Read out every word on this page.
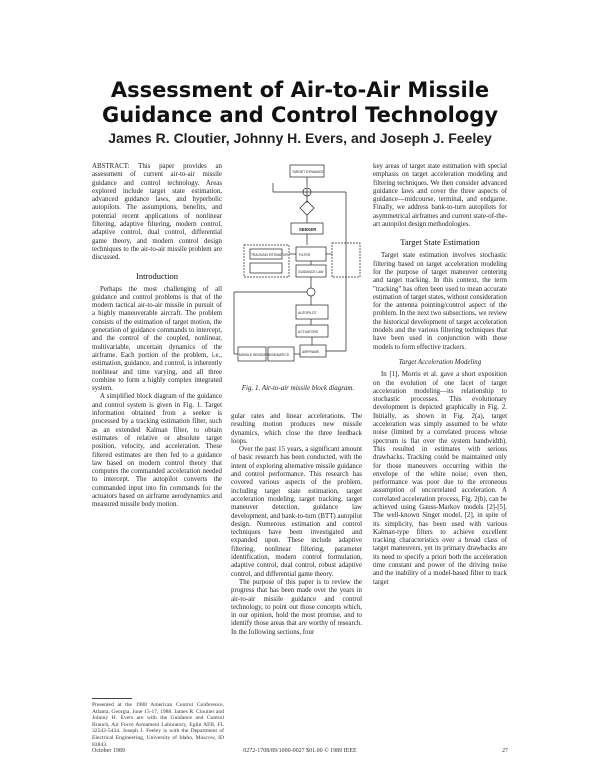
Assessment of Air-to-Air Missile
Guidance and Control Technology
James R. Cloutier, Johnny H. Evers, and Joseph J. Feeley

ABSTRACT: This paper provides an assessment of current air-to-air missile guidance and control technology. Areas explored include target state estimation, advanced guidance laws, and hyperbolic autopilots. The assumptions, benefits, and potential recent applications of nonlinear filtering, adaptive filtering, modern control, adaptive control, dual control, differential game theory, and modern control design techniques to the air-to-air missile problem are discussed.

Introduction

Perhaps the most challenging of all guidance and control problems is that of the modern tactical air-to-air missile in pursuit of a highly maneuverable aircraft. The problem consists of the estimation of target motion, the generation of guidance commands to intercept, and the control of the coupled, nonlinear, multivariable, uncertain dynamics of the airframe. Each portion of the problem, i.e., estimation, guidance, and control, is inherently nonlinear and time varying, and all three combine to form a highly complex integrated system.

A simplified block diagram of the guidance and control system is given in Fig. 1. Target information obtained from a seeker is processed by a tracking estimation filter, such as an extended Kalman filter, to obtain estimates of relative or absolute target position, velocity, and acceleration. These filtered estimates are then fed to a guidance law based on modern control theory that computes the commanded acceleration needed to intercept. The autopilot converts the commanded input into fin commands for the actuators based on airframe aerodynamics and measured missile body motion.

Presented at the 1988 American Control Conference, Atlanta, Georgia, June 15-17, 1988. James R. Cloutier and Johnny H. Evers are with the Guidance and Control Branch, Air Force Armament Laboratory, Eglin AFB, FL 32542-5434. Joseph J. Feeley is with the Department of Electrical Engineering, University of Idaho, Moscow, ID 83843.
TARGET DYNAMICS
SEEKER
TRACKING ESTIMATOR	FILTER
GUIDANCE LAW
AUTOPILOT
ACTUATORS
AIRFRAME
MISSILE SENSORS KINEMATICS
Fig. 1. Air-to-air missile block diagram.

gular rates and linear accelerations. The resulting motion produces new missile dynamics, which close the three feedback loops.

Over the past 15 years, a significant amount of basic research has been conducted, with the intent of exploring alternative missile guidance and control performance. This research has covered various aspects of the problem, including target state estimation, target acceleration modeling, target tracking, target maneuver detection, guidance law development, and bank-to-turn (BTT) autopilot design. Numerous estimation and control techniques have been investigated and expanded upon. These include adaptive filtering, nonlinear filtering, parameter identification, modern control formulation, adaptive control, dual control, robust adaptive control, and differential game theory.

The purpose of this paper is to review the progress that has been made over the years in air-to-air missile guidance and control technology, to point out those concepts which, in our opinion, hold the most promise, and to identify those areas that are worthy of research. In the following sections, four

key areas of target state estimation with special emphasis on target acceleration modeling and filtering techniques. We then consider advanced guidance laws and cover the three aspects of guidance—midcourse, terminal, and endgame. Finally, we address bank-to-turn autopilots for asymmetrical airframes and current state-of-the-art autopilot design methodologies.

Target State Estimation

Target state estimation involves stochastic filtering based on target acceleration modeling for the purpose of target maneuver centering and target tracking. In this context, the term "tracking" has often been used to mean accurate estimation of target states, without consideration for the antenna pointing/control aspect of the problem. In the next two subsections, we review the historical development of target acceleration models and the various filtering techniques that have been used in conjunction with those models to form effective trackers.

Target Acceleration Modeling

In [1], Morris et al. gave a short exposition on the evolution of one facet of target acceleration modeling—its relationship to stochastic processes. This evolutionary development is depicted graphically in Fig. 2. Initially, as shown in Fig. 2(a), target acceleration was simply assumed to be white noise (limited by a correlated process whose spectrum is flat over the system bandwidth). This resulted in estimates with serious drawbacks. Tracking could be maintained only for those maneuvers occurring within the envelope of the white noise; even then, performance was poor due to the erroneous assumption of uncorrelated acceleration. A correlated acceleration process, Fig. 2(b), can be achieved using Gauss-Markov models [2]-[5]. The well-known Singer model, [2], in spite of its simplicity, has been used with various Kalman-type filters to achieve excellent tracking characteristics over a broad class of target maneuvers, yet its primary drawbacks are its need to specify a priori both the acceleration time constant and power of the driving noise and the inability of a model-based filter to track target

October 1989	0272-1708/89/1000-0027 $01.00 © 1989 IEEE	27
